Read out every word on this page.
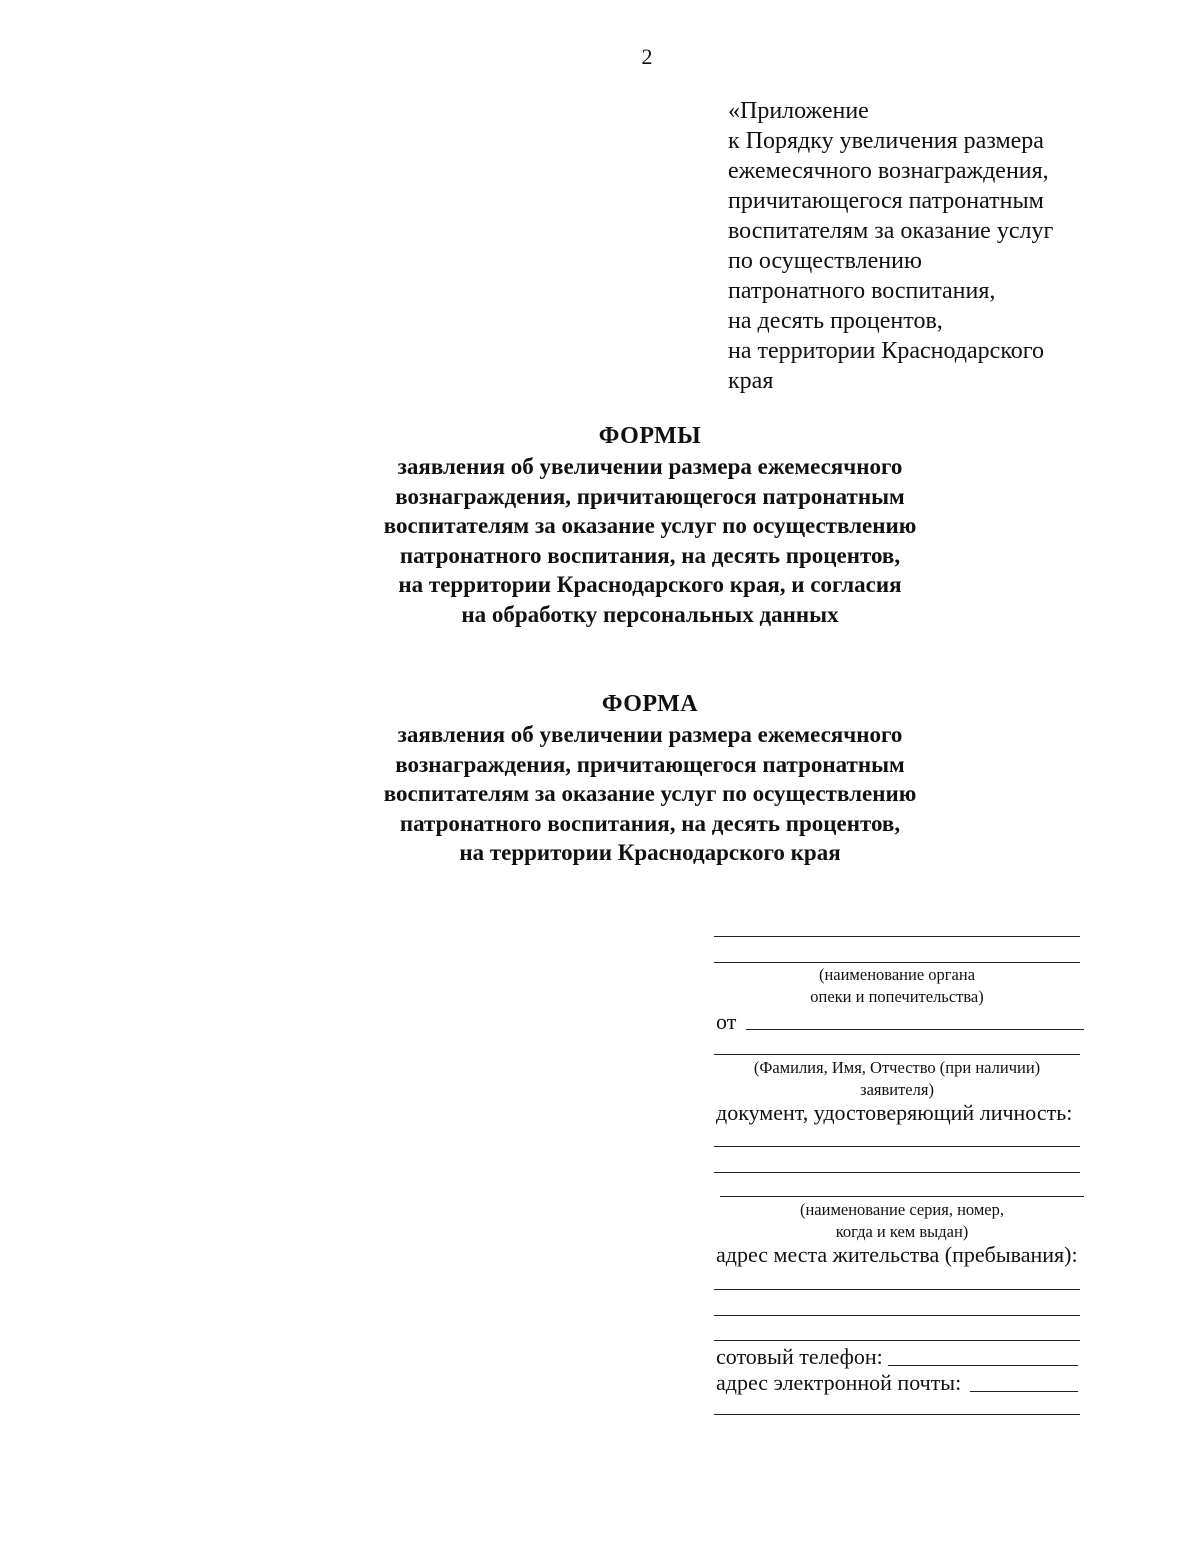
2
«Приложение
к Порядку увеличения размера
ежемесячного вознаграждения,
причитающегося патронатным
воспитателям за оказание услуг
по осуществлению
патронатного воспитания,
на десять процентов,
на территории Краснодарского
края
ФОРМЫ
заявления об увеличении размера ежемесячного
вознаграждения, причитающегося патронатным
воспитателям за оказание услуг по осуществлению
патронатного воспитания, на десять процентов,
на территории Краснодарского края, и согласия
на обработку персональных данных
ФОРМА
заявления об увеличении размера ежемесячного
вознаграждения, причитающегося патронатным
воспитателям за оказание услуг по осуществлению
патронатного воспитания, на десять процентов,
на территории Краснодарского края
(наименование органа
опеки и попечительства)
от
(Фамилия, Имя, Отчество (при наличии)
заявителя)
документ, удостоверяющий личность:
(наименование серия, номер,
когда и кем выдан)
адрес места жительства (пребывания):
сотовый телефон:
адрес электронной почты:
